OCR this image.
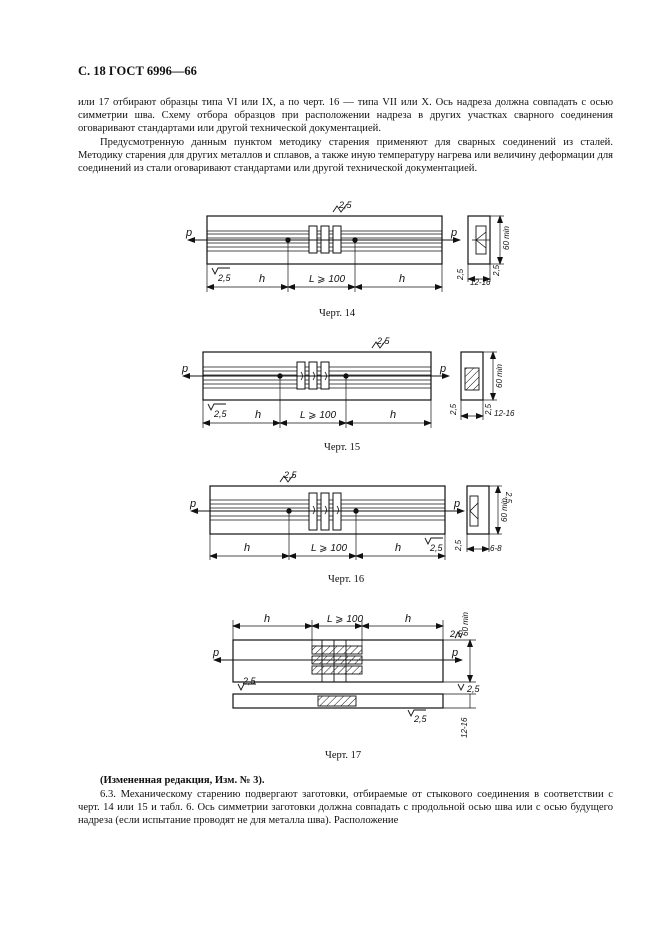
С. 18 ГОСТ 6996—66

или 17 отбирают образцы типа VI или IX, а по черт. 16 — типа VII или X. Ось надреза должна совпадать с осью симметрии шва. Схему отбора образцов при расположении надреза в других участках сварного соединения оговаривают стандартами или другой технической документацией.

Предусмотренную данным пунктом методику старения применяют для сварных соединений из сталей. Методику старения для других металлов и сплавов, а также иную температуру нагрева или величину деформации для соединений из стали оговаривают стандартами или другой технической документацией.

p	p
h	h
L ⩾ 100
2,5
2,5
60 min
2,5	2,5
12-16
Черт. 14
p	p
h	h
L ⩾ 100
2,5
2,5
60 min
2,5	2,5 12-16
Черт. 15
p	p
h	h
L ⩾ 100
2,5
2,5
60 min
2,5
2,5
6-8
Черт. 16
p	p
h	h
L ⩾ 100
2,5
2,5
2,5
2,5
60 min
12-16
Черт. 17

(Измененная редакция, Изм. № 3).

6.3. Механическому старению подвергают заготовки, отбираемые от стыкового соединения в соответствии с черт. 14 или 15 и табл. 6. Ось симметрии заготовки должна совпадать с продольной осью шва или с осью будущего надреза (если испытание проводят не для металла шва). Расположение
